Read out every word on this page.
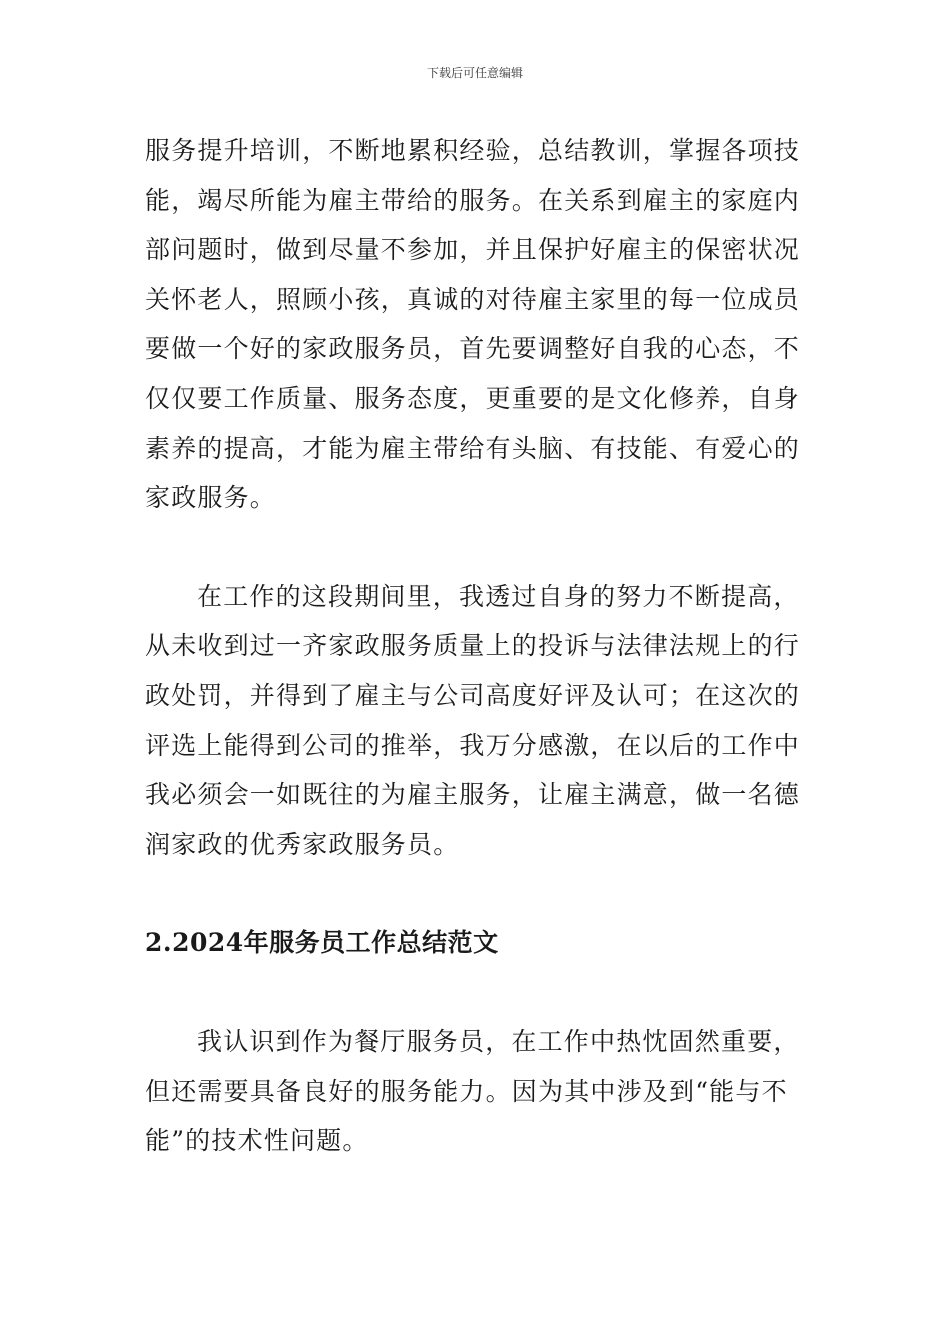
下载后可任意编辑

服务提升培训，不断地累积经验，总结教训，掌握各项技
能，竭尽所能为雇主带给的服务。在关系到雇主的家庭内
部问题时，做到尽量不参加，并且保护好雇主的保密状况
关怀老人，照顾小孩，真诚的对待雇主家里的每一位成员
要做一个好的家政服务员，首先要调整好自我的心态，不
仅仅要工作质量、服务态度，更重要的是文化修养，自身
素养的提高，才能为雇主带给有头脑、有技能、有爱心的
家政服务。

在工作的这段期间里，我透过自身的努力不断提高，
从未收到过一齐家政服务质量上的投诉与法律法规上的行
政处罚，并得到了雇主与公司高度好评及认可；在这次的
评选上能得到公司的推举，我万分感激，在以后的工作中
我必须会一如既往的为雇主服务，让雇主满意，做一名德
润家政的优秀家政服务员。

2.2024年服务员工作总结范文

我认识到作为餐厅服务员，在工作中热忱固然重要，
但还需要具备良好的服务能力。因为其中涉及到“能与不
能”的技术性问题。
